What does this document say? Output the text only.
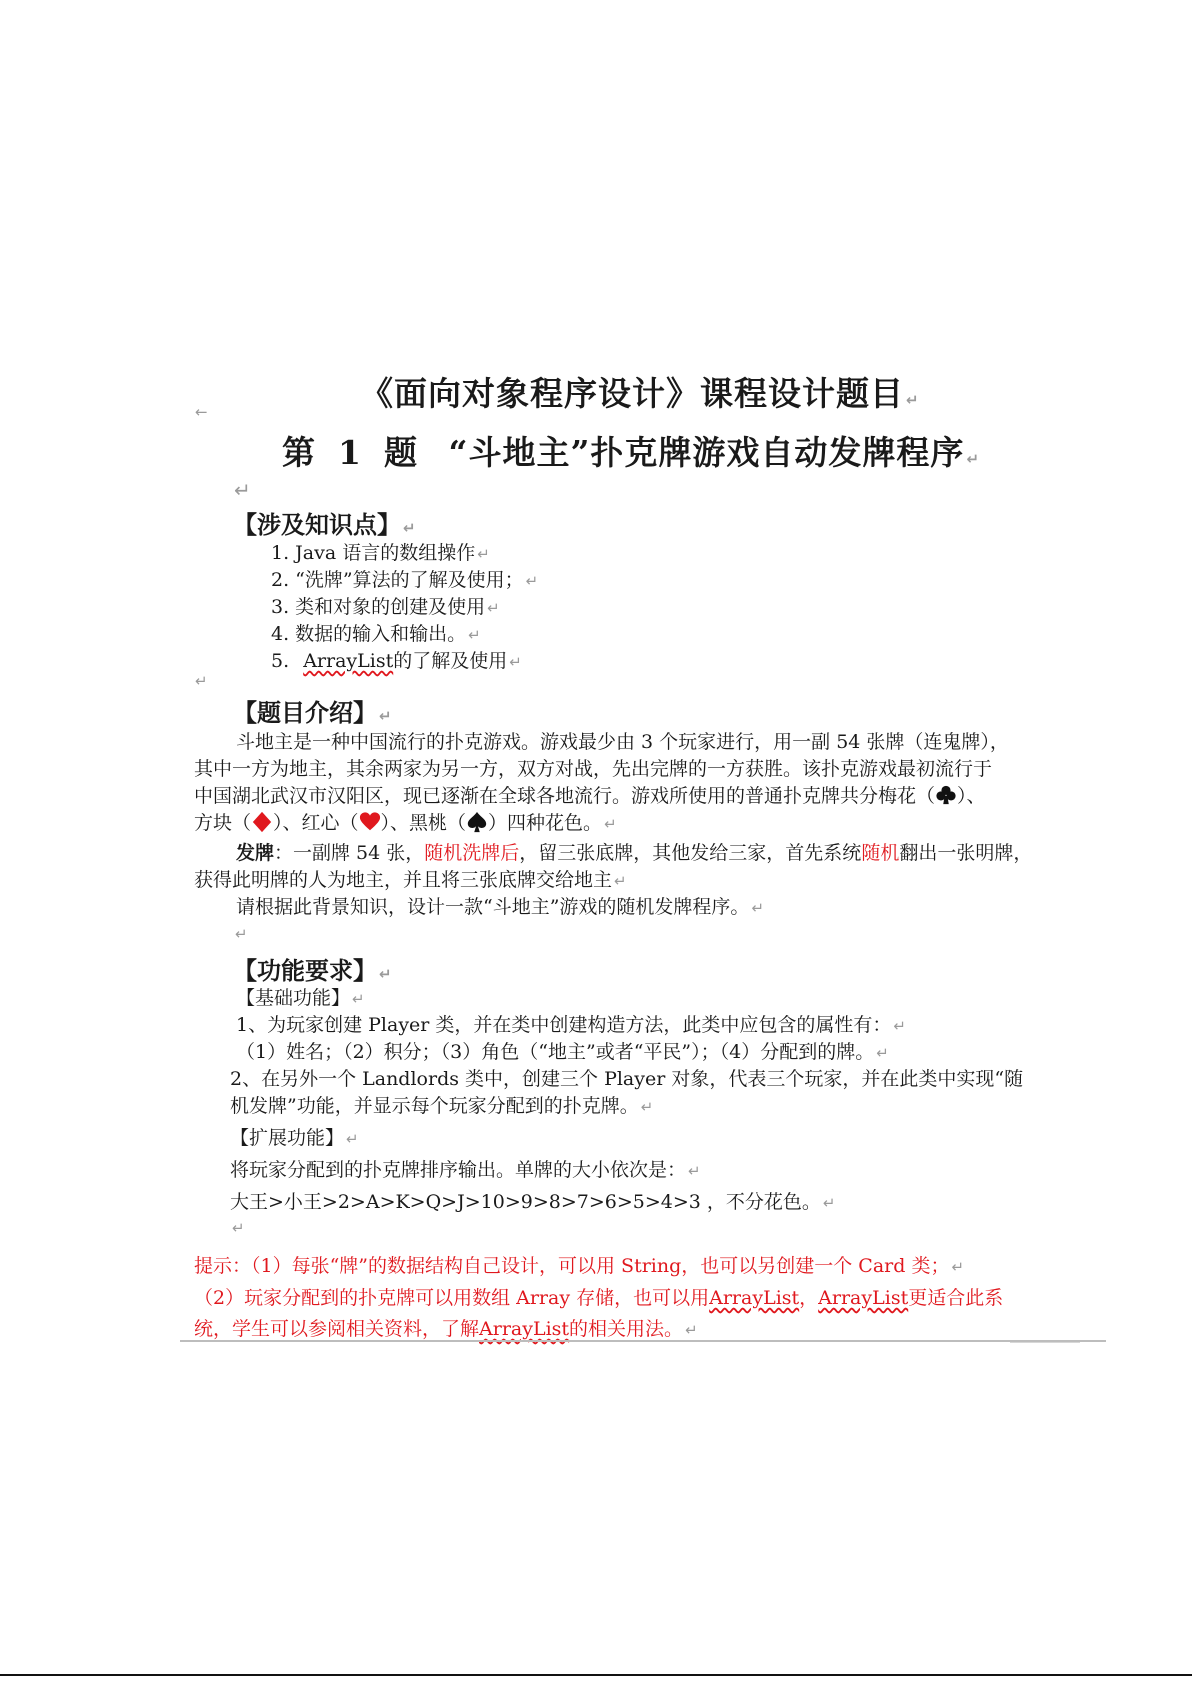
←	《面向对象程序设计》课程设计题目 ↵
第 1 题 “斗地主”扑克牌游戏自动发牌程序 ↵
↵
【涉及知识点】 ↵
1. Java 语言的数组操作 ↵
2. “洗牌”算法的了解及使用； ↵
3. 类和对象的创建及使用 ↵
4. 数据的输入和输出。 ↵
5. ArrayList的了解及使用 ↵
↵
【题目介绍】 ↵
斗地主是一种中国流行的扑克游戏。游戏最少由 3 个玩家进行，用一副 54 张牌（连鬼牌），
其中一方为地主，其余两家为另一方，双方对战，先出完牌的一方获胜。该扑克游戏最初流行于
中国湖北武汉市汉阳区，现已逐渐在全球各地流行。游戏所使用的普通扑克牌共分梅花（ ）、
方块（ ）、红心（ ）、黑桃（ ）四种花色。 ↵
发牌：一副牌 54 张，随机洗牌后，留三张底牌，其他发给三家，首先系统随机翻出一张明牌，
获得此明牌的人为地主，并且将三张底牌交给地主 ↵
请根据此背景知识，设计一款“斗地主”游戏的随机发牌程序。 ↵
↵
【功能要求】 ↵
【基础功能】 ↵
1、为玩家创建 Player 类，并在类中创建构造方法，此类中应包含的属性有： ↵
（1）姓名；（2）积分；（3）角色（“地主”或者“平民”）；（4）分配到的牌。 ↵
2、在另外一个 Landlords 类中，创建三个 Player 对象，代表三个玩家，并在此类中实现“随
机发牌”功能，并显示每个玩家分配到的扑克牌。 ↵
【扩展功能】 ↵
将玩家分配到的扑克牌排序输出。单牌的大小依次是： ↵
大王>小王>2>A>K>Q>J>10>9>8>7>6>5>4>3 ，不分花色。 ↵
↵
提示：（1）每张“牌”的数据结构自己设计，可以用 String，也可以另创建一个 Card 类； ↵
（2）玩家分配到的扑克牌可以用数组 Array 存储，也可以用ArrayList，ArrayList更适合此系
统，学生可以参阅相关资料，了解ArrayList的相关用法。 ↵
